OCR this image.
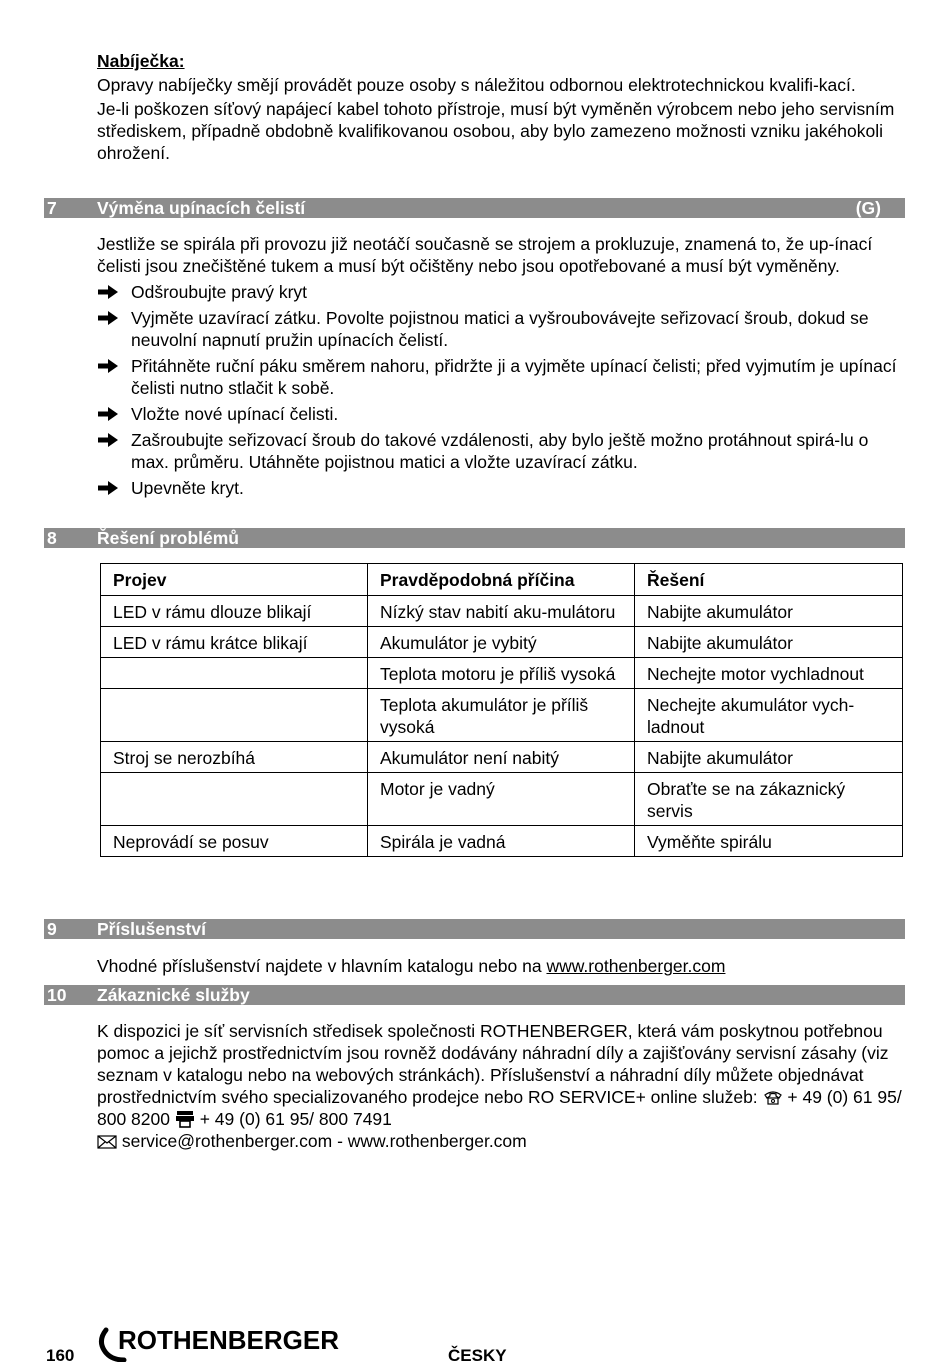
Nabíječka:
Opravy nabíječky smějí provádět pouze osoby s náležitou odbornou elektrotechnickou kvalifi-kací.
Je-li poškozen síťový napájecí kabel tohoto přístroje, musí být vyměněn výrobcem nebo jeho servisním střediskem, případně obdobně kvalifikovanou osobou, aby bylo zamezeno možnosti vzniku jakéhokoli ohrožení.
7 Výměna upínacích čelistí	(G)
Jestliže se spirála při provozu již neotáčí současně se strojem a prokluzuje, znamená to, že up-ínací čelisti jsou znečištěné tukem a musí být očištěny nebo jsou opotřebované a musí být vyměněny.
Odšroubujte pravý kryt
Vyjměte uzavírací zátku. Povolte pojistnou matici a vyšroubovávejte seřizovací šroub, dokud se neuvolní napnutí pružin upínacích čelistí.
Přitáhněte ruční páku směrem nahoru, přidržte ji a vyjměte upínací čelisti; před vyjmutím je upínací čelisti nutno stlačit k sobě.
Vložte nové upínací čelisti.
Zašroubujte seřizovací šroub do takové vzdálenosti, aby bylo ještě možno protáhnout spirá-lu o max. průměru. Utáhněte pojistnou matici a vložte uzavírací zátku.
Upevněte kryt.
8 Řešení problémů
Projev	Pravděpodobná příčina	Řešení
LED v rámu dlouze blikají	Nízký stav nabití aku-mulátoru	Nabijte akumulátor
LED v rámu krátce blikají	Akumulátor je vybitý	Nabijte akumulátor
	Teplota motoru je příliš vysoká	Nechejte motor vychladnout
	Teplota akumulátor je příliš vysoká	Nechejte akumulátor vych-ladnout
Stroj se nerozbíhá	Akumulátor není nabitý	Nabijte akumulátor
	Motor je vadný	Obraťte se na zákaznický servis
Neprovádí se posuv	Spirála je vadná	Vyměňte spirálu
9 Příslušenství
Vhodné příslušenství najdete v hlavním katalogu nebo na www.rothenberger.com
10 Zákaznické služby
K dispozici je síť servisních středisek společnosti ROTHENBERGER, která vám poskytnou potřebnou pomoc a jejichž prostřednictvím jsou rovněž dodávány náhradní díly a zajišťovány servisní zásahy (viz seznam v katalogu nebo na webových stránkách). Příslušenství a náhradní díly můžete objednávat prostřednictvím svého specializovaného prodejce nebo RO SERVICE+ online služeb:  + 49 (0) 61 95/ 800 8200  + 49 (0) 61 95/ 800 7491
service@rothenberger.com - www.rothenberger.com
160
ROTHENBERGER
ČESKY
